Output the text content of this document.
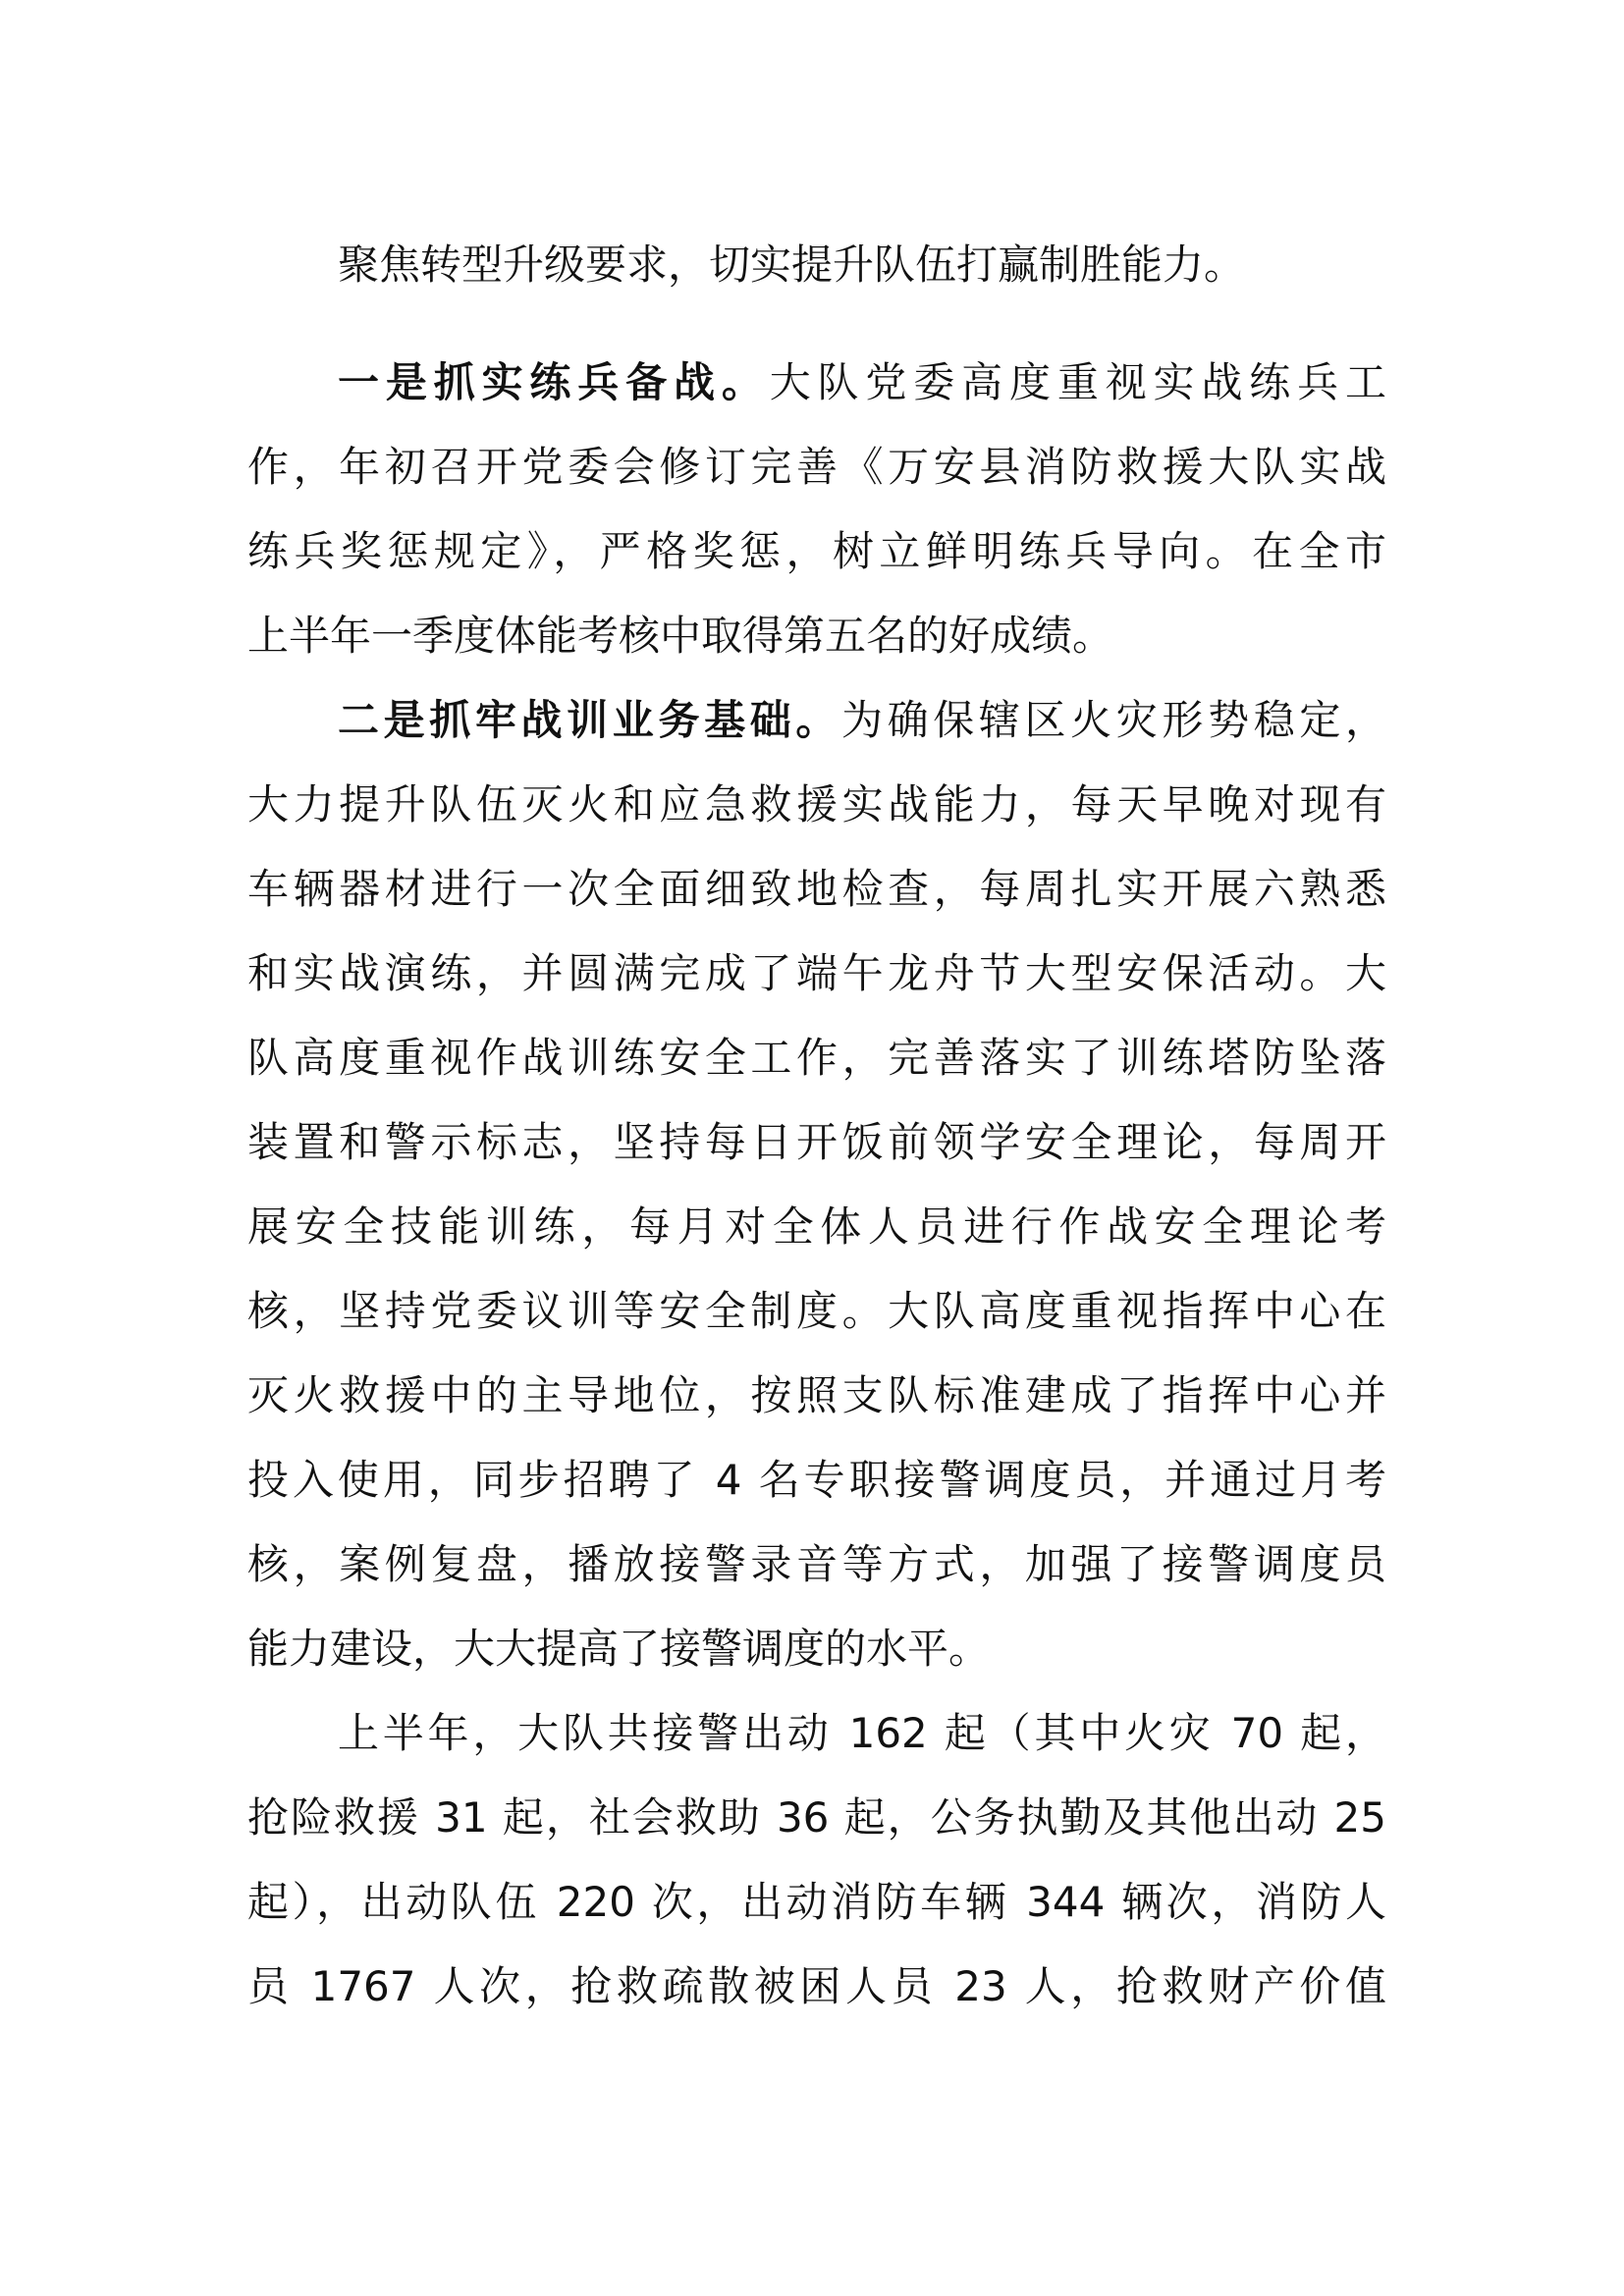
聚焦转型升级要求，切实提升队伍打赢制胜能力。
一是抓实练兵备战。大队党委高度重视实战练兵工
作，年初召开党委会修订完善《万安县消防救援大队实战
练兵奖惩规定》，严格奖惩，树立鲜明练兵导向。在全市
上半年一季度体能考核中取得第五名的好成绩。
二是抓牢战训业务基础。为确保辖区火灾形势稳定，
大力提升队伍灭火和应急救援实战能力，每天早晚对现有
车辆器材进行一次全面细致地检查，每周扎实开展六熟悉
和实战演练，并圆满完成了端午龙舟节大型安保活动。大
队高度重视作战训练安全工作，完善落实了训练塔防坠落
装置和警示标志，坚持每日开饭前领学安全理论，每周开
展安全技能训练，每月对全体人员进行作战安全理论考
核，坚持党委议训等安全制度。大队高度重视指挥中心在
灭火救援中的主导地位，按照支队标准建成了指挥中心并
投入使用，同步招聘了 4 名专职接警调度员，并通过月考
核，案例复盘，播放接警录音等方式，加强了接警调度员
能力建设，大大提高了接警调度的水平。
上半年，大队共接警出动 162 起（其中火灾 70 起，
抢险救援 31 起，社会救助 36 起，公务执勤及其他出动 25
起），出动队伍 220 次，出动消防车辆 344 辆次，消防人
员 1767 人次，抢救疏散被困人员 23 人，抢救财产价值
